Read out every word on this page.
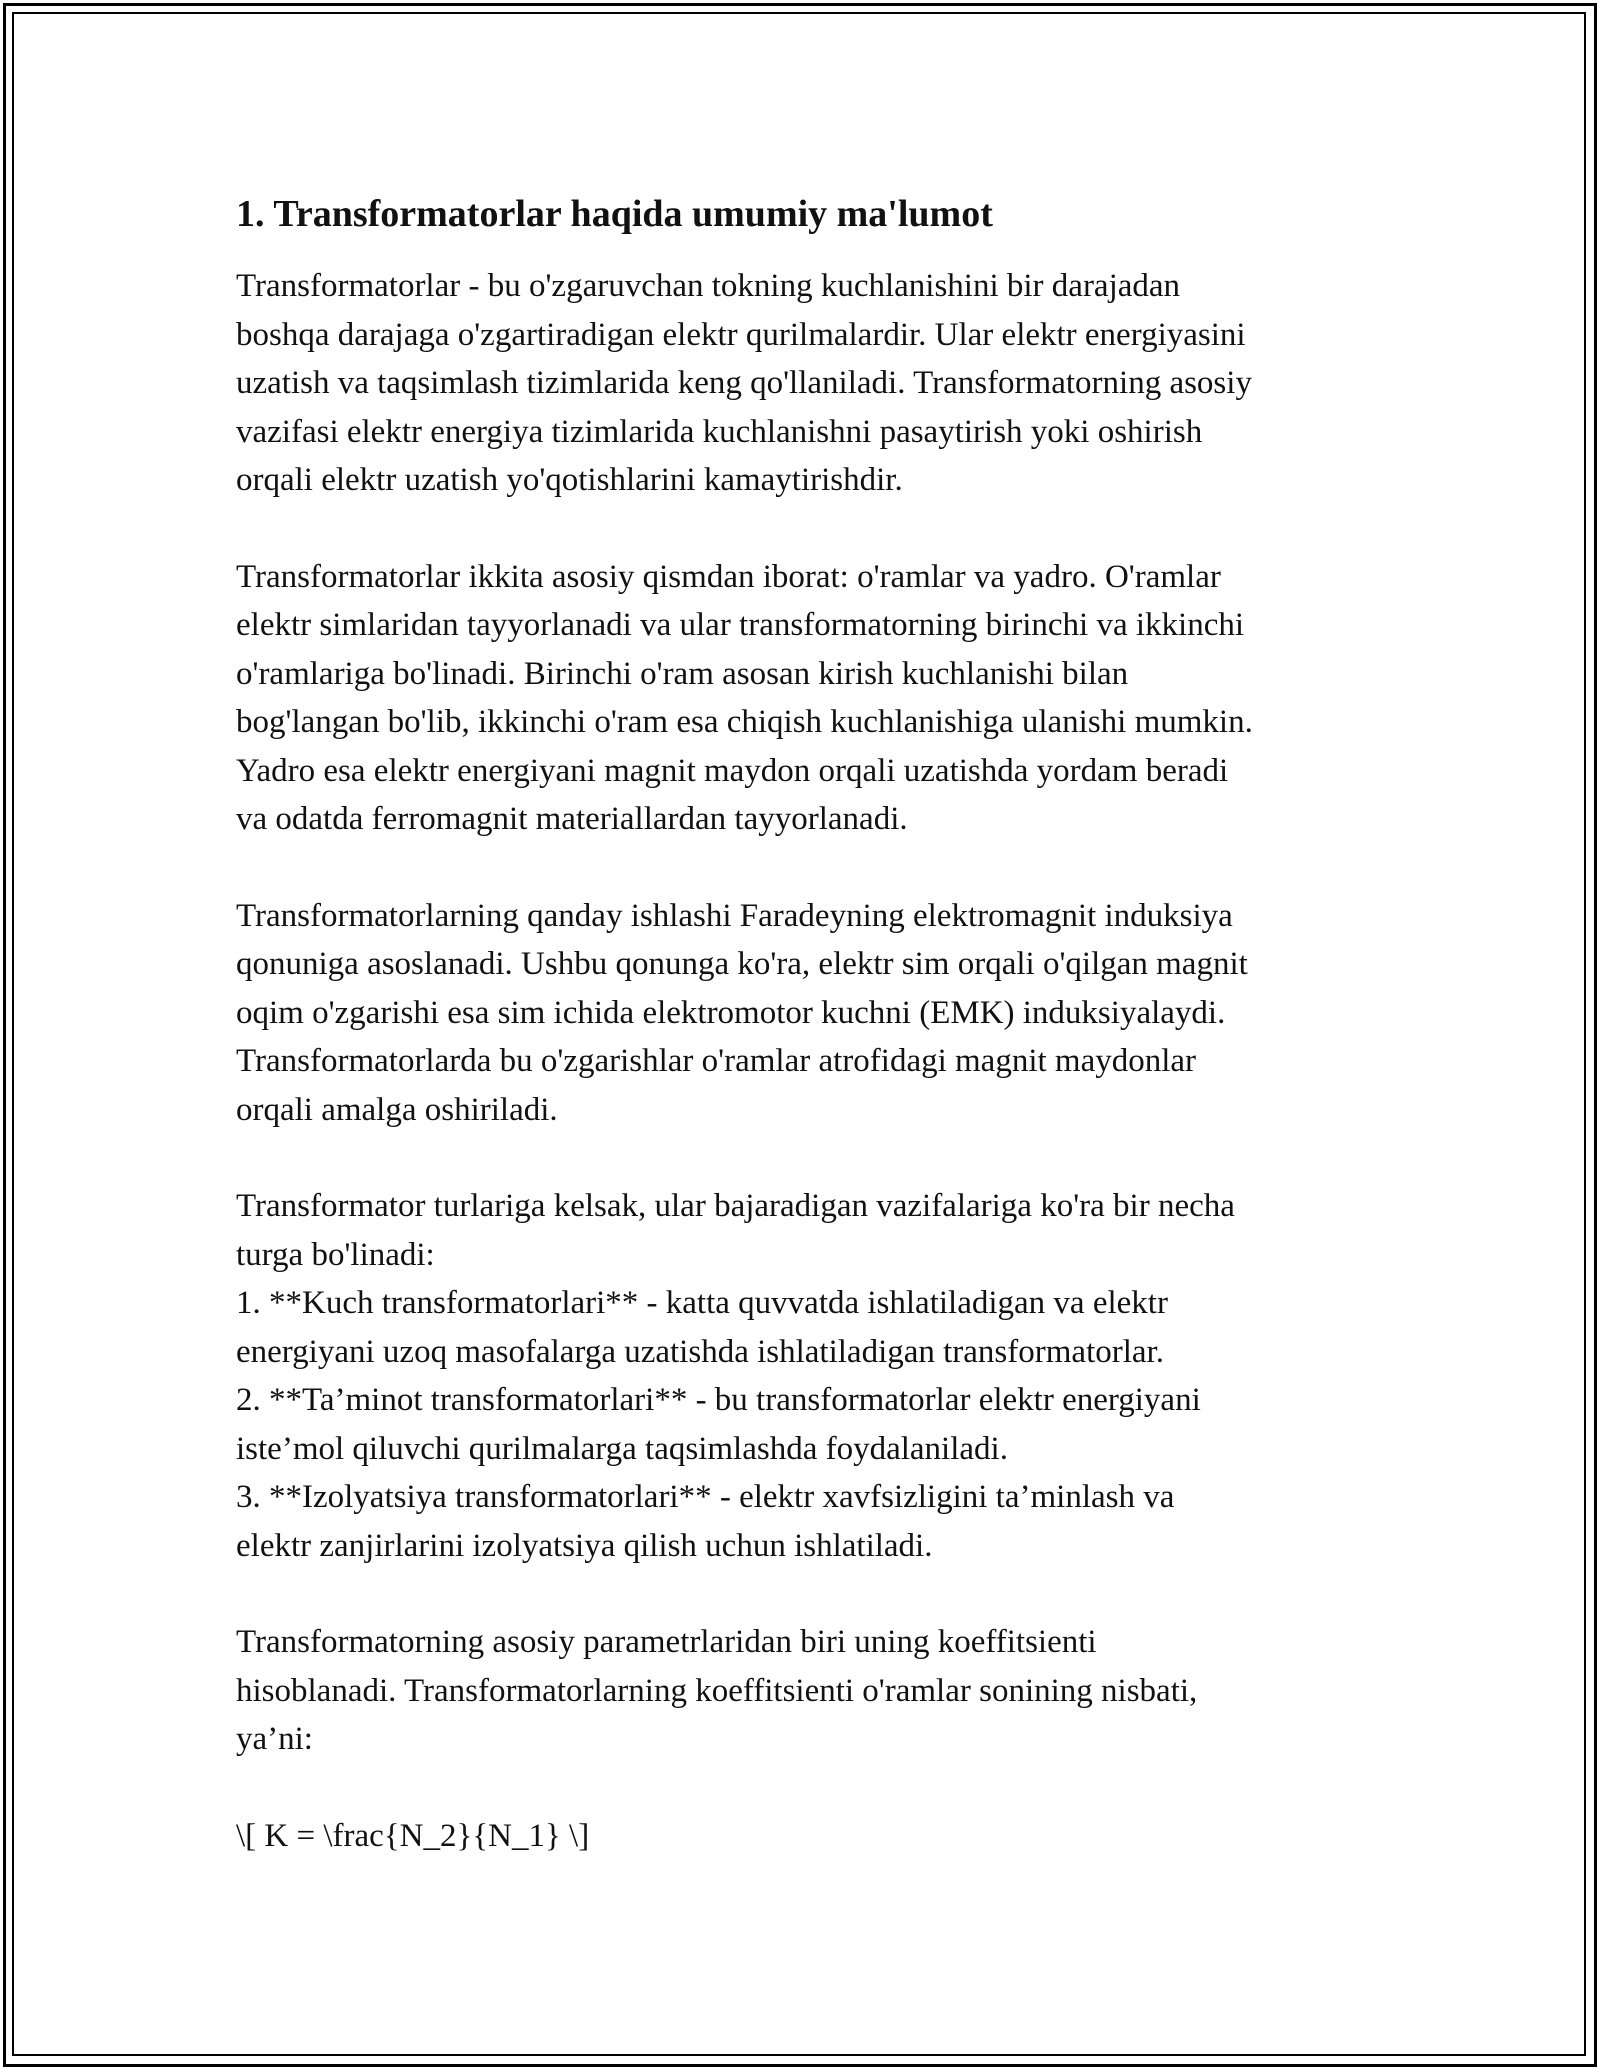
1. Transformatorlar haqida umumiy ma'lumot

Transformatorlar - bu o'zgaruvchan tokning kuchlanishini bir darajadan
boshqa darajaga o'zgartiradigan elektr qurilmalardir. Ular elektr energiyasini
uzatish va taqsimlash tizimlarida keng qo'llaniladi. Transformatorning asosiy
vazifasi elektr energiya tizimlarida kuchlanishni pasaytirish yoki oshirish
orqali elektr uzatish yo'qotishlarini kamaytirishdir.

Transformatorlar ikkita asosiy qismdan iborat: o'ramlar va yadro. O'ramlar
elektr simlaridan tayyorlanadi va ular transformatorning birinchi va ikkinchi
o'ramlariga bo'linadi. Birinchi o'ram asosan kirish kuchlanishi bilan
bog'langan bo'lib, ikkinchi o'ram esa chiqish kuchlanishiga ulanishi mumkin.
Yadro esa elektr energiyani magnit maydon orqali uzatishda yordam beradi
va odatda ferromagnit materiallardan tayyorlanadi.

Transformatorlarning qanday ishlashi Faradeyning elektromagnit induksiya
qonuniga asoslanadi. Ushbu qonunga ko'ra, elektr sim orqali o'qilgan magnit
oqim o'zgarishi esa sim ichida elektromotor kuchni (EMK) induksiyalaydi.
Transformatorlarda bu o'zgarishlar o'ramlar atrofidagi magnit maydonlar
orqali amalga oshiriladi.

Transformator turlariga kelsak, ular bajaradigan vazifalariga ko'ra bir necha
turga bo'linadi:
1. **Kuch transformatorlari** - katta quvvatda ishlatiladigan va elektr
energiyani uzoq masofalarga uzatishda ishlatiladigan transformatorlar.
2. **Ta’minot transformatorlari** - bu transformatorlar elektr energiyani
iste’mol qiluvchi qurilmalarga taqsimlashda foydalaniladi.
3. **Izolyatsiya transformatorlari** - elektr xavfsizligini ta’minlash va
elektr zanjirlarini izolyatsiya qilish uchun ishlatiladi.

Transformatorning asosiy parametrlaridan biri uning koeffitsienti
hisoblanadi. Transformatorlarning koeffitsienti o'ramlar sonining nisbati,
ya’ni:

\[ K = \frac{N_2}{N_1} \]
